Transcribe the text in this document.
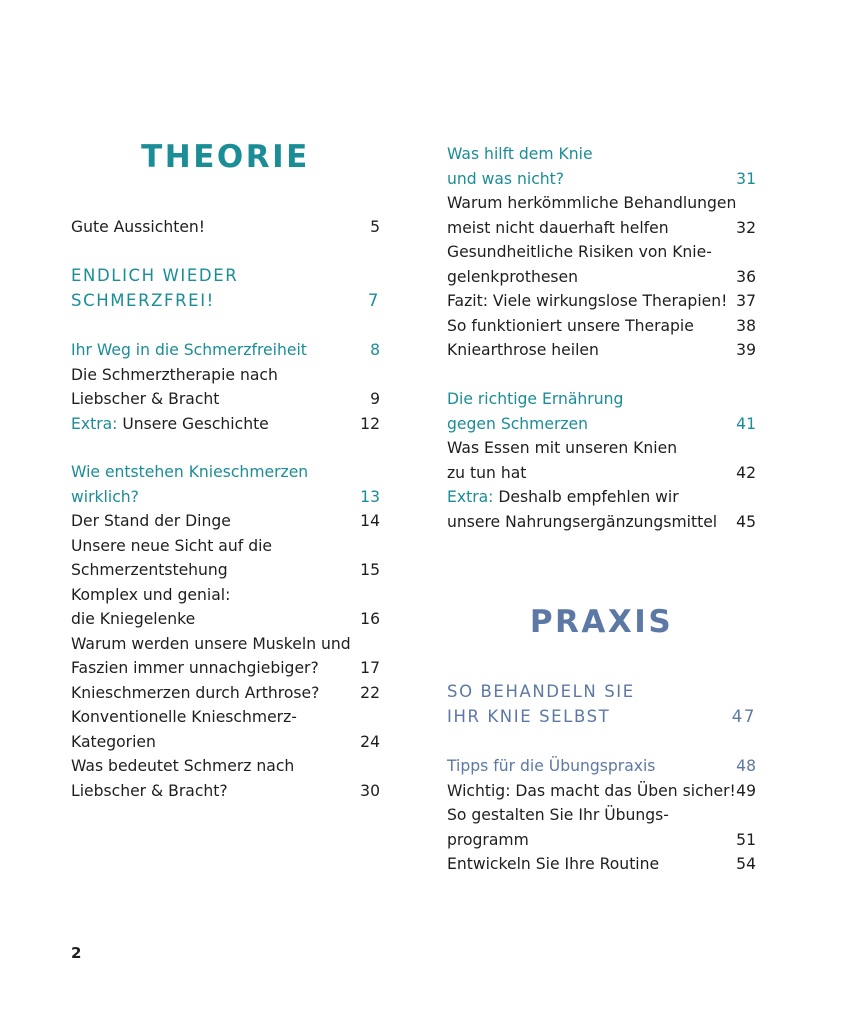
THEORIE
Gute Aussichten!	5
ENDLICH WIEDER
SCHMERZFREI!	7
Ihr Weg in die Schmerzfreiheit	8
Die Schmerztherapie nach
Liebscher & Bracht	9
Extra: Unsere Geschichte	12
Wie entstehen Knieschmerzen
wirklich?	13
Der Stand der Dinge	14
Unsere neue Sicht auf die
Schmerzentstehung	15
Komplex und genial:
die Kniegelenke	16
Warum werden unsere Muskeln und
Faszien immer unnachgiebiger?	17
Knieschmerzen durch Arthrose?	22
Konventionelle Knieschmerz-
Kategorien	24
Was bedeutet Schmerz nach
Liebscher & Bracht?	30
Was hilft dem Knie
und was nicht?	31
Warum herkömmliche Behandlungen
meist nicht dauerhaft helfen	32
Gesundheitliche Risiken von Knie-
gelenkprothesen	36
Fazit: Viele wirkungslose Therapien! 37
So funktioniert unsere Therapie	38
Kniearthrose heilen	39
Die richtige Ernährung
gegen Schmerzen	41
Was Essen mit unseren Knien
zu tun hat	42
Extra: Deshalb empfehlen wir
unsere Nahrungsergänzungsmittel 45
PRAXIS
SO BEHANDELN SIE
IHR KNIE SELBST	47
Tipps für die Übungspraxis	48
Wichtig: Das macht das Üben sicher! 49
So gestalten Sie Ihr Übungs-
programm	51
Entwickeln Sie Ihre Routine	54
2
